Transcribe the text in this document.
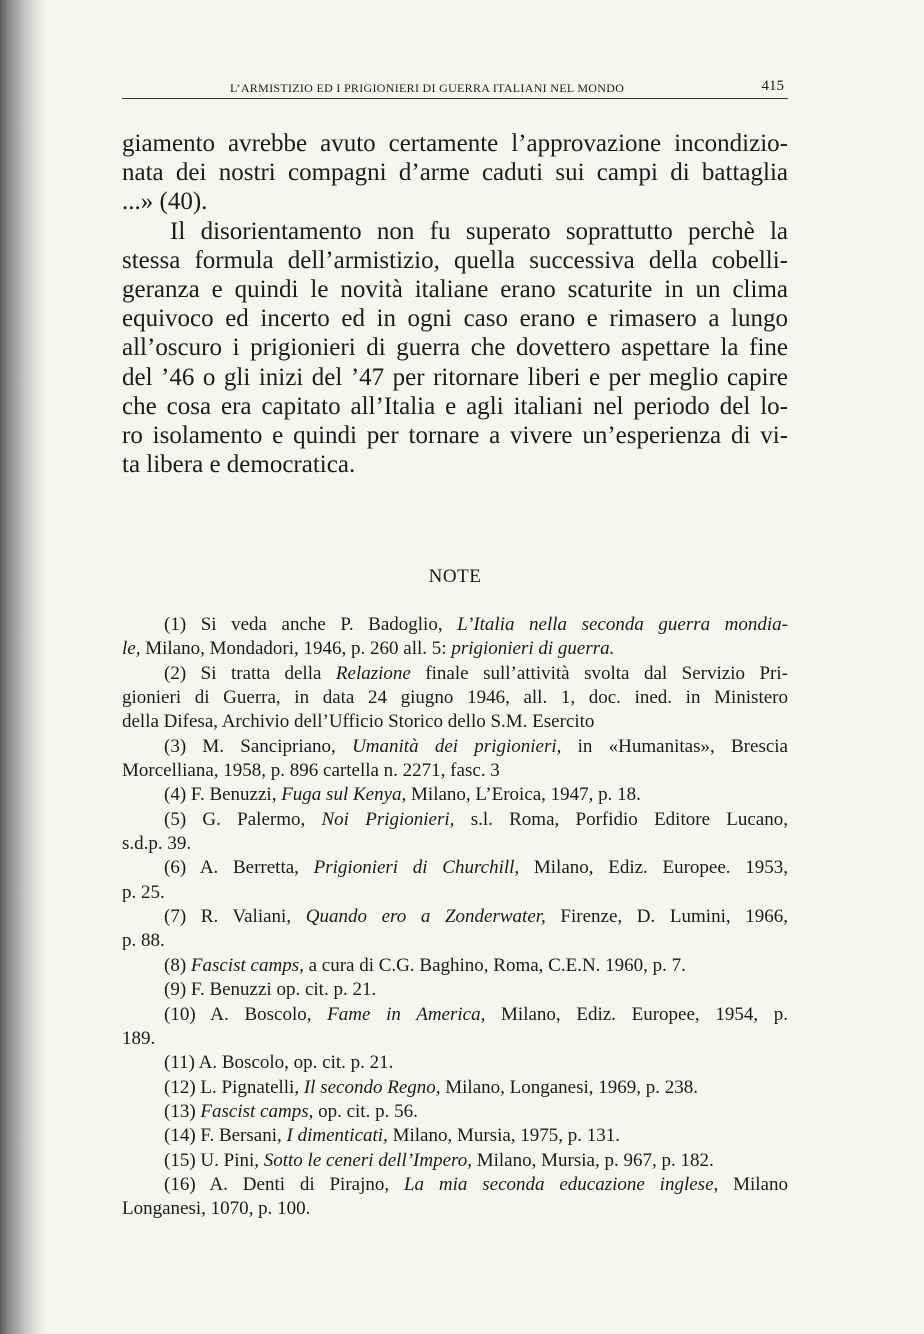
L’ARMISTIZIO ED I PRIGIONIERI DI GUERRA ITALIANI NEL MONDO	415

giamento avrebbe avuto certamente l’approvazione incondizio-
nata dei nostri compagni d’arme caduti sui campi di battaglia
...» (40).

Il disorientamento non fu superato soprattutto perchè la
stessa formula dell’armistizio, quella successiva della cobelli-
geranza e quindi le novità italiane erano scaturite in un clima
equivoco ed incerto ed in ogni caso erano e rimasero a lungo
all’oscuro i prigionieri di guerra che dovettero aspettare la fine
del ’46 o gli inizi del ’47 per ritornare liberi e per meglio capire
che cosa era capitato all’Italia e agli italiani nel periodo del lo-
ro isolamento e quindi per tornare a vivere un’esperienza di vi-
ta libera e democratica.

NOTE
(1) Si veda anche P. Badoglio, L’Italia nella seconda guerra mondia-
le, Milano, Mondadori, 1946, p. 260 all. 5: prigionieri di guerra.
(2) Si tratta della Relazione finale sull’attività svolta dal Servizio Pri-
gionieri di Guerra, in data 24 giugno 1946, all. 1, doc. ined. in Ministero
della Difesa, Archivio dell’Ufficio Storico dello S.M. Esercito
(3) M. Sancipriano, Umanità dei prigionieri, in «Humanitas», Brescia
Morcelliana, 1958, p. 896 cartella n. 2271, fasc. 3
(4) F. Benuzzi, Fuga sul Kenya, Milano, L’Eroica, 1947, p. 18.
(5) G. Palermo, Noi Prigionieri, s.l. Roma, Porfidio Editore Lucano,
s.d.p. 39.
(6) A. Berretta, Prigionieri di Churchill, Milano, Ediz. Europee. 1953,
p. 25.
(7) R. Valiani, Quando ero a Zonderwater, Firenze, D. Lumini, 1966,
p. 88.
(8) Fascist camps, a cura di C.G. Baghino, Roma, C.E.N. 1960, p. 7.
(9) F. Benuzzi op. cit. p. 21.
(10) A. Boscolo, Fame in America, Milano, Ediz. Europee, 1954, p.
189.
(11) A. Boscolo, op. cit. p. 21.
(12) L. Pignatelli, Il secondo Regno, Milano, Longanesi, 1969, p. 238.
(13) Fascist camps, op. cit. p. 56.
(14) F. Bersani, I dimenticati, Milano, Mursia, 1975, p. 131.
(15) U. Pini, Sotto le ceneri dell’Impero, Milano, Mursia, p. 967, p. 182.
(16) A. Denti di Pirajno, La mia seconda educazione inglese, Milano
Longanesi, 1070, p. 100.
